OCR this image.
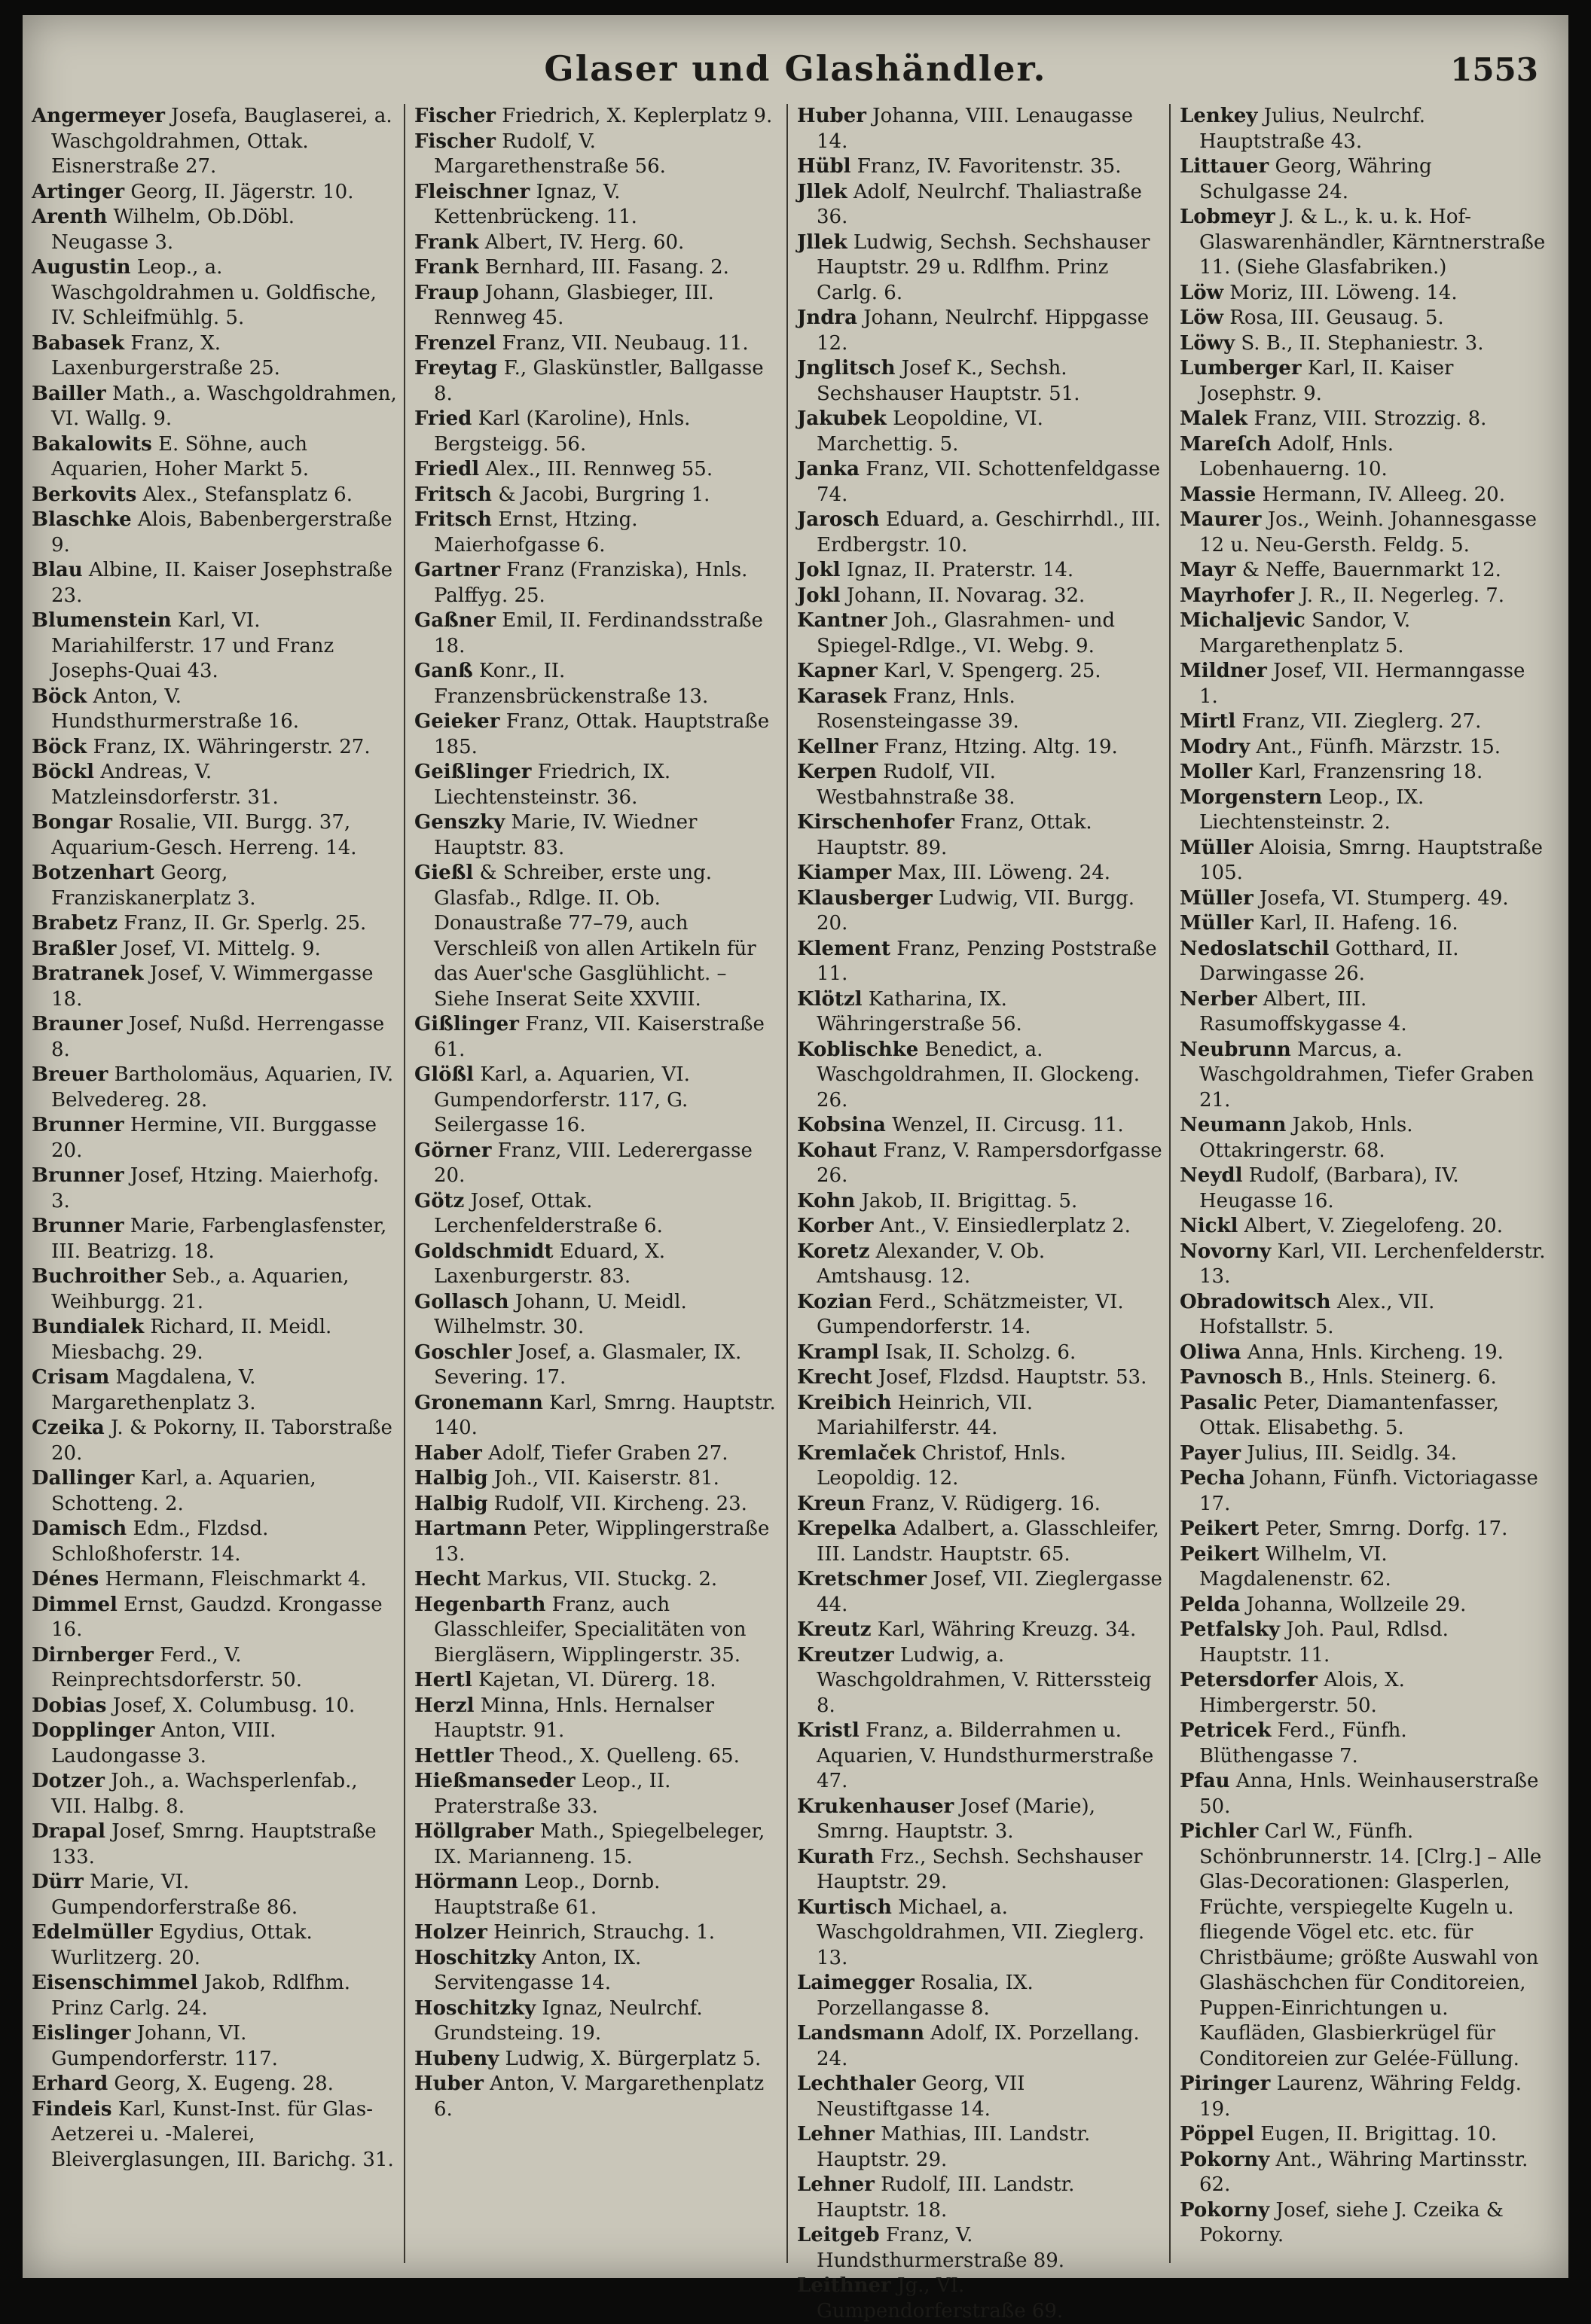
Glaser und Glashändler.	1553

Angermeyer Josefa, Bauglaserei, a. Waschgoldrahmen, Ottak. Eisnerstraße 27.

Artinger Georg, II. Jägerstr. 10.

Arenth Wilhelm, Ob.Döbl. Neugasse 3.

Augustin Leop., a. Waschgoldrahmen u. Goldfische, IV. Schleifmühlg. 5.

Babasek Franz, X. Laxenburgerstraße 25.

Bailler Math., a. Waschgoldrahmen, VI. Wallg. 9.

Bakalowits E. Söhne, auch Aquarien, Hoher Markt 5.

Berkovits Alex., Stefansplatz 6.

Blaschke Alois, Babenbergerstraße 9.

Blau Albine, II. Kaiser Josephstraße 23.

Blumenstein Karl, VI. Mariahilferstr. 17 und Franz Josephs-Quai 43.

Böck Anton, V. Hundsthurmerstraße 16.

Böck Franz, IX. Währingerstr. 27.

Böckl Andreas, V. Matzleinsdorferstr. 31.

Bongar Rosalie, VII. Burgg. 37, Aquarium-Gesch. Herreng. 14.

Botzenhart Georg, Franziskanerplatz 3.

Brabetz Franz, II. Gr. Sperlg. 25.

Braßler Josef, VI. Mittelg. 9.

Bratranek Josef, V. Wimmergasse 18.

Brauner Josef, Nußd. Herrengasse 8.

Breuer Bartholomäus, Aquarien, IV. Belvedereg. 28.

Brunner Hermine, VII. Burggasse 20.

Brunner Josef, Htzing. Maierhofg. 3.

Brunner Marie, Farbenglasfenster, III. Beatrizg. 18.

Buchroither Seb., a. Aquarien, Weihburgg. 21.

Bundialek Richard, II. Meidl. Miesbachg. 29.

Crisam Magdalena, V. Margarethenplatz 3.

Czeika J. & Pokorny, II. Taborstraße 20.

Dallinger Karl, a. Aquarien, Schotteng. 2.

Damisch Edm., Flzdsd. Schloßhoferstr. 14.

Dénes Hermann, Fleischmarkt 4.

Dimmel Ernst, Gaudzd. Krongasse 16.

Dirnberger Ferd., V. Reinprechtsdorferstr. 50.

Dobias Josef, X. Columbusg. 10.

Dopplinger Anton, VIII. Laudongasse 3.

Dotzer Joh., a. Wachsperlenfab., VII. Halbg. 8.

Drapal Josef, Smrng. Hauptstraße 133.

Dürr Marie, VI. Gumpendorferstraße 86.

Edelmüller Egydius, Ottak. Wurlitzerg. 20.

Eisenschimmel Jakob, Rdlfhm. Prinz Carlg. 24.

Eislinger Johann, VI. Gumpendorferstr. 117.

Erhard Georg, X. Eugeng. 28.

Findeis Karl, Kunst-Inst. für Glas-Aetzerei u. -Malerei, Bleiverglasungen, III. Barichg. 31.

Fischer Friedrich, X. Keplerplatz 9.

Fischer Rudolf, V. Margarethenstraße 56.

Fleischner Ignaz, V. Kettenbrückeng. 11.

Frank Albert, IV. Herg. 60.

Frank Bernhard, III. Fasang. 2.

Fraup Johann, Glasbieger, III. Rennweg 45.

Frenzel Franz, VII. Neubaug. 11.

Freytag F., Glaskünstler, Ballgasse 8.

Fried Karl (Karoline), Hnls. Bergsteigg. 56.

Friedl Alex., III. Rennweg 55.

Fritsch & Jacobi, Burgring 1.

Fritsch Ernst, Htzing. Maierhofgasse 6.

Gartner Franz (Franziska), Hnls. Palffyg. 25.

Gaßner Emil, II. Ferdinandsstraße 18.

Ganß Konr., II. Franzensbrückenstraße 13.

Geieker Franz, Ottak. Hauptstraße 185.

Geißlinger Friedrich, IX. Liechtensteinstr. 36.

Genszky Marie, IV. Wiedner Hauptstr. 83.

Gießl & Schreiber, erste ung. Glasfab., Rdlge. II. Ob. Donaustraße 77–79, auch Verschleiß von allen Artikeln für das Auer'sche Gasglühlicht. – Siehe Inserat Seite XXVIII.

Gißlinger Franz, VII. Kaiserstraße 61.

Glößl Karl, a. Aquarien, VI. Gumpendorferstr. 117, G. Seilergasse 16.

Görner Franz, VIII. Lederergasse 20.

Götz Josef, Ottak. Lerchenfelderstraße 6.

Goldschmidt Eduard, X. Laxenburgerstr. 83.

Gollasch Johann, U. Meidl. Wilhelmstr. 30.

Goschler Josef, a. Glasmaler, IX. Severing. 17.

Gronemann Karl, Smrng. Hauptstr. 140.

Haber Adolf, Tiefer Graben 27.

Halbig Joh., VII. Kaiserstr. 81.

Halbig Rudolf, VII. Kircheng. 23.

Hartmann Peter, Wipplingerstraße 13.

Hecht Markus, VII. Stuckg. 2.

Hegenbarth Franz, auch Glasschleifer, Specialitäten von Biergläsern, Wipplingerstr. 35.

Hertl Kajetan, VI. Dürerg. 18.

Herzl Minna, Hnls. Hernalser Hauptstr. 91.

Hettler Theod., X. Quelleng. 65.

Hießmanseder Leop., II. Praterstraße 33.

Höllgraber Math., Spiegelbeleger, IX. Marianneng. 15.

Hörmann Leop., Dornb. Hauptstraße 61.

Holzer Heinrich, Strauchg. 1.

Hoschitzky Anton, IX. Servitengasse 14.

Hoschitzky Ignaz, Neulrchf. Grundsteing. 19.

Hubeny Ludwig, X. Bürgerplatz 5.

Huber Anton, V. Margarethenplatz 6.

Huber Johanna, VIII. Lenaugasse 14.

Hübl Franz, IV. Favoritenstr. 35.

Jllek Adolf, Neulrchf. Thaliastraße 36.

Jllek Ludwig, Sechsh. Sechshauser Hauptstr. 29 u. Rdlfhm. Prinz Carlg. 6.

Jndra Johann, Neulrchf. Hippgasse 12.

Jnglitsch Josef K., Sechsh. Sechshauser Hauptstr. 51.

Jakubek Leopoldine, VI. Marchettig. 5.

Janka Franz, VII. Schottenfeldgasse 74.

Jarosch Eduard, a. Geschirrhdl., III. Erdbergstr. 10.

Jokl Ignaz, II. Praterstr. 14.

Jokl Johann, II. Novarag. 32.

Kantner Joh., Glasrahmen- und Spiegel-Rdlge., VI. Webg. 9.

Kapner Karl, V. Spengerg. 25.

Karasek Franz, Hnls. Rosensteingasse 39.

Kellner Franz, Htzing. Altg. 19.

Kerpen Rudolf, VII. Westbahnstraße 38.

Kirschenhofer Franz, Ottak. Hauptstr. 89.

Kiamper Max, III. Löweng. 24.

Klausberger Ludwig, VII. Burgg. 20.

Klement Franz, Penzing Poststraße 11.

Klötzl Katharina, IX. Währingerstraße 56.

Koblischke Benedict, a. Waschgoldrahmen, II. Glockeng. 26.

Kobsina Wenzel, II. Circusg. 11.

Kohaut Franz, V. Rampersdorfgasse 26.

Kohn Jakob, II. Brigittag. 5.

Korber Ant., V. Einsiedlerplatz 2.

Koretz Alexander, V. Ob. Amtshausg. 12.

Kozian Ferd., Schätzmeister, VI. Gumpendorferstr. 14.

Krampl Isak, II. Scholzg. 6.

Krecht Josef, Flzdsd. Hauptstr. 53.

Kreibich Heinrich, VII. Mariahilferstr. 44.

Kremlaček Christof, Hnls. Leopoldig. 12.

Kreun Franz, V. Rüdigerg. 16.

Krepelka Adalbert, a. Glasschleifer, III. Landstr. Hauptstr. 65.

Kretschmer Josef, VII. Zieglergasse 44.

Kreutz Karl, Währing Kreuzg. 34.

Kreutzer Ludwig, a. Waschgoldrahmen, V. Ritterssteig 8.

Kristl Franz, a. Bilderrahmen u. Aquarien, V. Hundsthurmerstraße 47.

Krukenhauser Josef (Marie), Smrng. Hauptstr. 3.

Kurath Frz., Sechsh. Sechshauser Hauptstr. 29.

Kurtisch Michael, a. Waschgoldrahmen, VII. Zieglerg. 13.

Laimegger Rosalia, IX. Porzellangasse 8.

Landsmann Adolf, IX. Porzellang. 24.

Lechthaler Georg, VII Neustiftgasse 14.

Lehner Mathias, III. Landstr. Hauptstr. 29.

Lehner Rudolf, III. Landstr. Hauptstr. 18.

Leitgeb Franz, V. Hundsthurmerstraße 89.

Leithner Jg., VI. Gumpendorferstraße 69.

Lenkey Julius, Neulrchf. Hauptstraße 43.

Littauer Georg, Währing Schulgasse 24.

Lobmeyr J. & L., k. u. k. Hof-Glaswarenhändler, Kärntnerstraße 11. (Siehe Glasfabriken.)

Löw Moriz, III. Löweng. 14.

Löw Rosa, III. Geusaug. 5.

Löwy S. B., II. Stephaniestr. 3.

Lumberger Karl, II. Kaiser Josephstr. 9.

Malek Franz, VIII. Strozzig. 8.

Mareſch Adolf, Hnls. Lobenhauerng. 10.

Massie Hermann, IV. Alleeg. 20.

Maurer Jos., Weinh. Johannesgasse 12 u. Neu-Gersth. Feldg. 5.

Mayr & Neffe, Bauernmarkt 12.

Mayrhofer J. R., II. Negerleg. 7.

Michaljevic Sandor, V. Margarethenplatz 5.

Mildner Josef, VII. Hermanngasse 1.

Mirtl Franz, VII. Zieglerg. 27.

Modry Ant., Fünfh. Märzstr. 15.

Moller Karl, Franzensring 18.

Morgenstern Leop., IX. Liechtensteinstr. 2.

Müller Aloisia, Smrng. Hauptstraße 105.

Müller Josefa, VI. Stumperg. 49.

Müller Karl, II. Hafeng. 16.

Nedoslatschil Gotthard, II. Darwingasse 26.

Nerber Albert, III. Rasumoffskygasse 4.

Neubrunn Marcus, a. Waschgoldrahmen, Tiefer Graben 21.

Neumann Jakob, Hnls. Ottakringerstr. 68.

Neydl Rudolf, (Barbara), IV. Heugasse 16.

Nickl Albert, V. Ziegelofeng. 20.

Novorny Karl, VII. Lerchenfelderstr. 13.

Obradowitsch Alex., VII. Hofstallstr. 5.

Oliwa Anna, Hnls. Kircheng. 19.

Pavnosch B., Hnls. Steinerg. 6.

Pasalic Peter, Diamantenfasser, Ottak. Elisabethg. 5.

Payer Julius, III. Seidlg. 34.

Pecha Johann, Fünfh. Victoriagasse 17.

Peikert Peter, Smrng. Dorfg. 17.

Peikert Wilhelm, VI. Magdalenenstr. 62.

Pelda Johanna, Wollzeile 29.

Petfalsky Joh. Paul, Rdlsd. Hauptstr. 11.

Petersdorfer Alois, X. Himbergerstr. 50.

Petricek Ferd., Fünfh. Blüthengasse 7.

Pfau Anna, Hnls. Weinhauserstraße 50.

Pichler Carl W., Fünfh. Schönbrunnerstr. 14. [Clrg.] – Alle Glas-Decorationen: Glasperlen, Früchte, verspiegelte Kugeln u. fliegende Vögel etc. etc. für Christbäume; größte Auswahl von Glashäschchen für Conditoreien, Puppen-Einrichtungen u. Kaufläden, Glasbierkrügel für Conditoreien zur Gelée-Füllung.

Piringer Laurenz, Währing Feldg. 19.

Pöppel Eugen, II. Brigittag. 10.

Pokorny Ant., Währing Martinsstr. 62.

Pokorny Josef, siehe J. Czeika & Pokorny.
